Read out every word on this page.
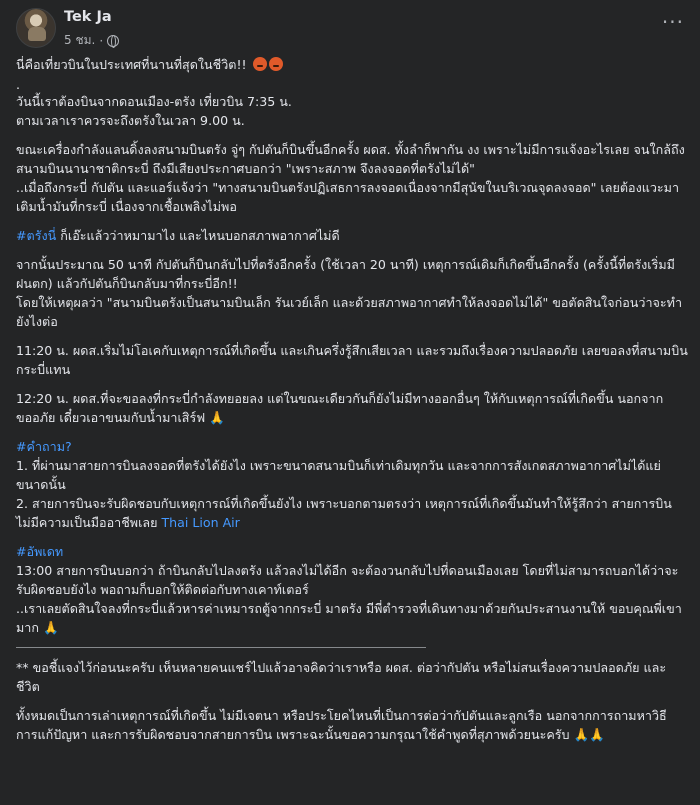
Tek Ja
5 ชม. ·
···
นี่คือเที่ยวบินในประเทศที่นานที่สุดในชีวิต!!
.
วันนี้เราต้องบินจากดอนเมือง-ตรัง เที่ยวบิน 7:35 น.
ตามเวลาเราควรจะถึงตรังในเวลา 9.00 น.
ขณะเครื่องกำลังแลนดิ้งลงสนามบินตรัง จู่ๆ กัปตันก็บินขึ้นอีกครั้ง ผดส. ทั้งลำก็พากัน งง เพราะไม่มีการแจ้งอะไรเลย จนใกล้ถึงสนามบินนานาชาติกระบี่ ถึงมีเสียงประกาศบอกว่า "เพราะสภาพ จึงลงจอดที่ตรังไม่ได้"
..เมื่อถึงกระบี่ กัปตัน และแอร์แจ้งว่า "ทางสนามบินตรังปฏิเสธการลงจอดเนื่องจากมีสุนัขในบริเวณจุดลงจอด" เลยต้องแวะมาเติมน้ำมันที่กระบี่ เนื่องจากเชื้อเพลิงไม่พอ
#ตรังนี่ ก็เอ๊ะแล้วว่าหมามาไง และไหนบอกสภาพอากาศไม่ดี
จากนั้นประมาณ 50 นาที กัปตันก็บินกลับไปที่ตรังอีกครั้ง (ใช้เวลา 20 นาที) เหตุการณ์เดิมก็เกิดขึ้นอีกครั้ง (ครั้งนี้ที่ตรังเริ่มมีฝนตก) แล้วกัปตันก็บินกลับมาที่กระบี่อีก!!
โดยให้เหตุผลว่า "สนามบินตรังเป็นสนามบินเล็ก รันเวย์เล็ก และด้วยสภาพอากาศทำให้ลงจอดไม่ได้" ขอตัดสินใจก่อนว่าจะทำยังไงต่อ
11:20 น. ผดส.เริ่มไม่โอเคกับเหตุการณ์ที่เกิดขึ้น และเกินครึ่งรู้สึกเสียเวลา และรวมถึงเรื่องความปลอดภัย เลยขอลงที่สนามบินกระบี่แทน
12:20 น. ผดส.ที่จะขอลงที่กระบี่กำลังทยอยลง แต่ในขณะเดียวกันก็ยังไม่มีทางออกอื่นๆ ให้กับเหตุการณ์ที่เกิดขึ้น นอกจากขออภัย เดี๋ยวเอาขนมกับน้ำมาเสิร์ฟ 🙏
#คำถาม?
1. ที่ผ่านมาสายการบินลงจอดที่ตรังได้ยังไง เพราะขนาดสนามบินก็เท่าเดิมทุกวัน และจากการสังเกตสภาพอากาศไม่ได้แย่ขนาดนั้น
2. สายการบินจะรับผิดชอบกับเหตุการณ์ที่เกิดขึ้นยังไง เพราะบอกตามตรงว่า เหตุการณ์ที่เกิดขึ้นมันทำให้รู้สึกว่า สายการบินไม่มีความเป็นมืออาชีพเลย Thai Lion Air
#อัพเดท
13:00 สายการบินบอกว่า ถ้าบินกลับไปลงตรัง แล้วลงไม่ได้อีก จะต้องวนกลับไปที่ดอนเมืองเลย โดยที่ไม่สามารถบอกได้ว่าจะรับผิดชอบยังไง พอถามก็บอกให้ติดต่อกับทางเคาท์เตอร์
..เราเลยตัดสินใจลงที่กระบี่แล้วหารค่าเหมารถตู้จากกระบี่ มาตรัง มีพี่ตำรวจที่เดินทางมาด้วยกันประสานงานให้ ขอบคุณพี่เขามาก 🙏
** ขอชี้แจงไว้ก่อนนะครับ เห็นหลายคนแชร์ไปแล้วอาจคิดว่าเราหรือ ผดส. ต่อว่ากัปตัน หรือไม่สนเรื่องความปลอดภัย และชีวิต
ทั้งหมดเป็นการเล่าเหตุการณ์ที่เกิดขึ้น ไม่มีเจตนา หรือประโยคไหนที่เป็นการต่อว่ากัปตันและลูกเรือ นอกจากการถามหาวิธีการแก้ปัญหา และการรับผิดชอบจากสายการบิน เพราะฉะนั้นขอความกรุณาใช้คำพูดที่สุภาพด้วยนะครับ 🙏🙏
